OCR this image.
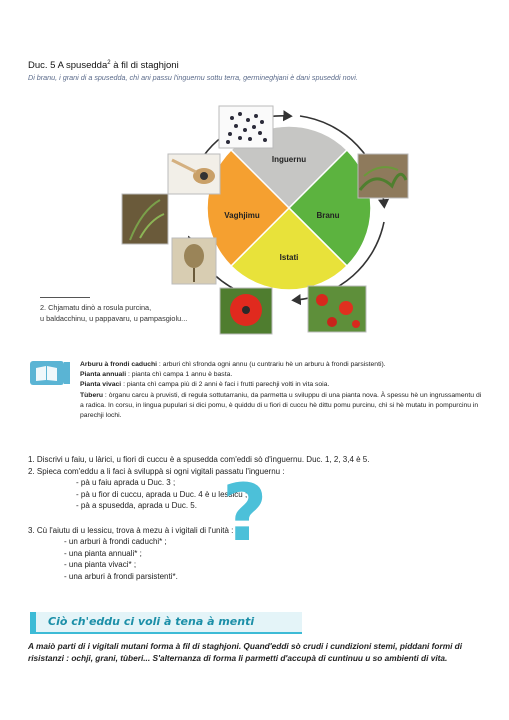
Duc. 5 A spusedda$^2$ à fil di staghjoni
Di branu, i grani di a spusedda, chì ani passu l'inguernu sottu terra, germineghjani è dani spuseddi novi.
Inguernu
Branu
Istati
Vaghjimu
2. Chjamatu dinò a rosula purcina,
u baldacchinu, u pappavaru, u pampasgiolu...
Arburu à frondi caduchi : arburi chì sfronda ogni annu (u cuntrariu hè un arburu à frondi parsistenti).
Pianta annuali : pianta chì campa 1 annu è basta.
Pianta vivaci : pianta chì campa più di 2 anni è faci i frutti parechji volti in vita soia.
Tùberu : òrganu carcu à pruvisti, di regula sottutarraniu, da parmetta u sviluppu di una pianta nova. À spessu hè un ingrussamentu di a radica. In corsu, in lingua pupulari si dici pomu, è quiddu di u fiori di cuccu hè dittu pomu purcinu, chì si hè mutatu in pompurcinu in parechji lochi.
1. Discrivi u faiu, u làrici, u fiori di cuccu è a spusedda com'eddi sò d'inguernu. Duc. 1, 2, 3,4 è 5.
2. Spieca com'eddu a li faci à sviluppà si ogni vigitali passatu l'inguernu :
- pà u faiu aprada u Duc. 3 ;
- pà u fior di cuccu, aprada u Duc. 4 è u lessicu ;
- pà a spusedda, aprada u Duc. 5.
3. Cù l'aiutu di u lessicu, trova à mezu à i vigitali di l'unità :
- un arburi à frondi caduchi* ;
- una pianta annuali* ;
- una pianta vivaci* ;
- una arburi à frondi parsistenti*.
?
Ciò ch'eddu ci voli à tena à menti
A maiò parti di i vigitali mutani forma à fil di staghjoni. Quand'eddi sò crudi i cundizioni stemi, piddani formi di risistanzi : ochji, grani, tùberi... S'alternanza di forma li parmetti d'accupà di cuntinuu u so ambienti di vita.
